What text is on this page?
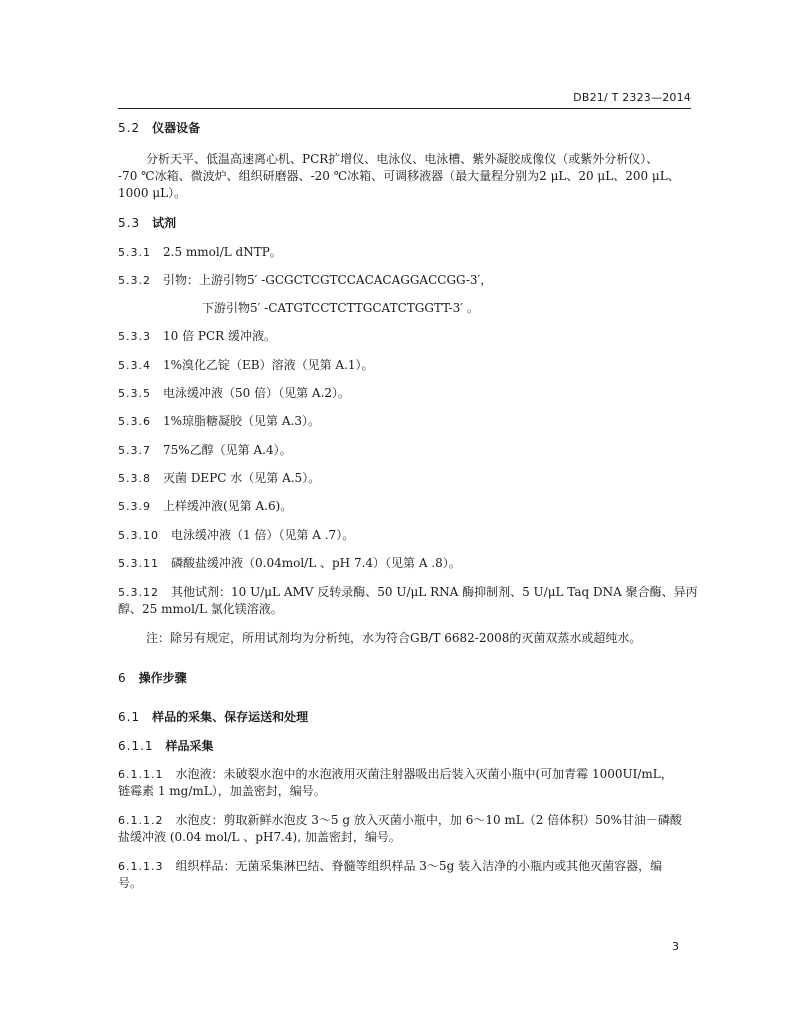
DB21/ T 2323—2014
5.2 仪器设备
分析天平、低温高速离心机、PCR扩增仪、电泳仪、电泳槽、紫外凝胶成像仪（或紫外分析仪）、
-70 ℃冰箱、微波炉、组织研磨器、-20 ℃冰箱、可调移液器（最大量程分别为2 μL、20 μL、200 μL、
1000 μL）。
5.3 试剂
5.3.1 2.5 mmol/L dNTP。
5.3.2 引物：上游引物5′ -GCGCTCGTCCACACAGGACCGG-3′，
下游引物5′ -CATGTCCTCTTGCATCTGGTT-3′ 。
5.3.3 10 倍 PCR 缓冲液。
5.3.4 1%溴化乙锭（EB）溶液（见第 A.1）。
5.3.5 电泳缓冲液（50 倍）（见第 A.2）。
5.3.6 1%琼脂糖凝胶（见第 A.3）。
5.3.7 75%乙醇（见第 A.4）。
5.3.8 灭菌 DEPC 水（见第 A.5）。
5.3.9 上样缓冲液(见第 A.6)。
5.3.10 电泳缓冲液（1 倍）（见第 A .7）。
5.3.11 磷酸盐缓冲液（0.04mol/L 、pH 7.4）（见第 A .8）。
5.3.12 其他试剂：10 U/μL AMV 反转录酶、50 U/μL RNA 酶抑制剂、5 U/μL Taq DNA 聚合酶、异丙
醇、25 mmol/L 氯化镁溶液。
注：除另有规定，所用试剂均为分析纯，水为符合GB/T 6682-2008的灭菌双蒸水或超纯水。
6 操作步骤
6.1 样品的采集、保存运送和处理
6.1.1 样品采集
6.1.1.1 水泡液：未破裂水泡中的水泡液用灭菌注射器吸出后装入灭菌小瓶中(可加青霉 1000UI/mL，
链霉素 1 mg/mL），加盖密封，编号。
6.1.1.2 水泡皮：剪取新鲜水泡皮 3～5 g 放入灭菌小瓶中，加 6～10 mL（2 倍体积）50%甘油－磷酸
盐缓冲液 (0.04 mol/L 、pH7.4), 加盖密封，编号。
6.1.1.3 组织样品：无菌采集淋巴结、脊髓等组织样品 3～5g 装入洁净的小瓶内或其他灭菌容器，编
号。
3
